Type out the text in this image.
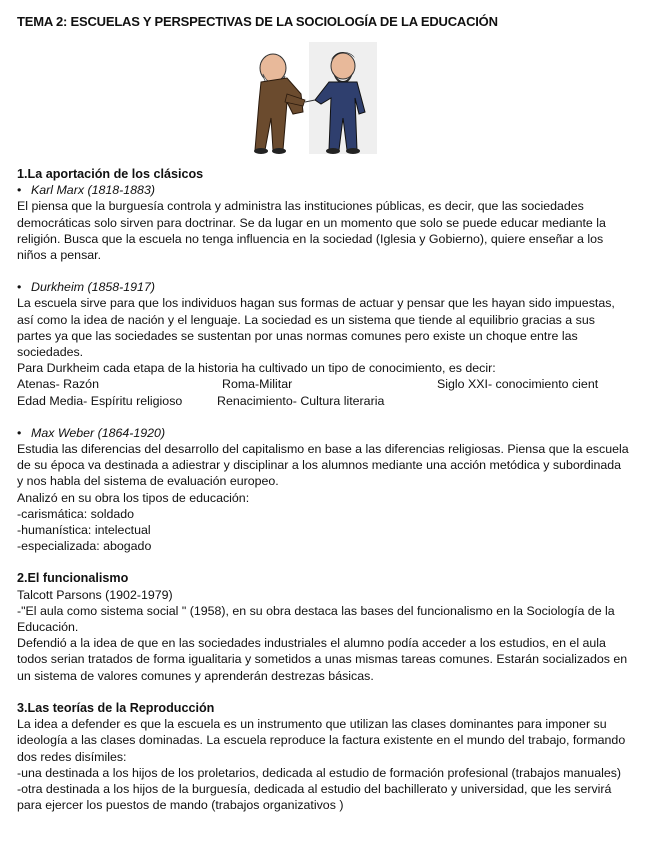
TEMA 2: ESCUELAS Y PERSPECTIVAS DE LA SOCIOLOGÍA DE LA EDUCACIÓN
1.La aportación de los clásicos
• Karl Marx (1818-1883)
El piensa que la burguesía controla y administra las instituciones públicas, es decir, que las sociedades democráticas solo sirven para doctrinar. Se da lugar en un momento que solo se puede educar mediante la religión. Busca que la escuela no tenga influencia en la sociedad (Iglesia y Gobierno), quiere enseñar a los niños a pensar.
• Durkheim (1858-1917)
La escuela sirve para que los individuos hagan sus formas de actuar y pensar que les hayan sido impuestas, así como la idea de nación y el lenguaje. La sociedad es un sistema que tiende al equilibrio gracias a sus partes ya que las sociedades se sustentan por unas normas comunes pero existe un choque entre las sociedades.
Para Durkheim cada etapa de la historia ha cultivado un tipo de conocimiento, es decir:
Atenas- Razón	Roma-Militar	Siglo XXI- conocimiento cient
Edad Media- Espíritu religioso	Renacimiento- Cultura literaria
• Max Weber (1864-1920)
Estudia las diferencias del desarrollo del capitalismo en base a las diferencias religiosas. Piensa que la escuela de su época va destinada a adiestrar y disciplinar a los alumnos mediante una acción metódica y subordinada y nos habla del sistema de evaluación europeo.
Analizó en su obra los tipos de educación:
-carismática: soldado
-humanística: intelectual
-especializada: abogado
2.El funcionalismo
Talcott Parsons (1902-1979)
-"El aula como sistema social " (1958), en su obra destaca las bases del funcionalismo en la Sociología de la Educación.
Defendió a la idea de que en las sociedades industriales el alumno podía acceder a los estudios, en el aula todos serian tratados de forma igualitaria y sometidos a unas mismas tareas comunes. Estarán socializados en un sistema de valores comunes y aprenderán destrezas básicas.
3.Las teorías de la Reproducción
La idea a defender es que la escuela es un instrumento que utilizan las clases dominantes para imponer su ideología a las clases dominadas. La escuela reproduce la factura existente en el mundo del trabajo, formando dos redes disímiles:
-una destinada a los hijos de los proletarios, dedicada al estudio de formación profesional (trabajos manuales)
-otra destinada a los hijos de la burguesía, dedicada al estudio del bachillerato y universidad, que les servirá para ejercer los puestos de mando (trabajos organizativos )
